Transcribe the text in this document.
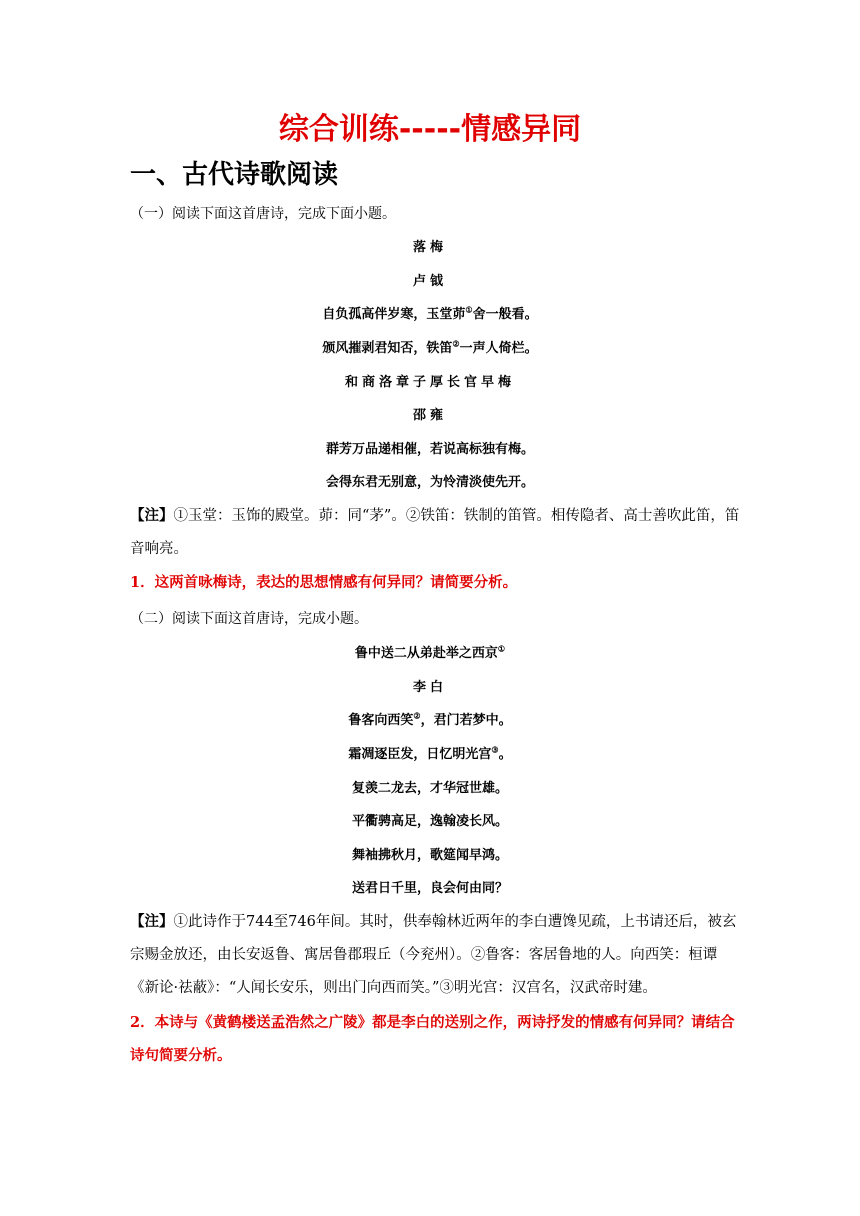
综合训练-----情感异同
一、古代诗歌阅读
（一）阅读下面这首唐诗，完成下面小题。
落梅
卢钺
自负孤高伴岁寒，玉堂茆①舍一般看。
颁风摧剥君知否，铁笛②一声人倚栏。
和商洛章子厚长官早梅
邵雍
群芳万品递相催，若说高标独有梅。
会得东君无别意，为怜清淡使先开。
【注】①玉堂：玉饰的殿堂。茆：同“茅”。②铁笛：铁制的笛管。相传隐者、高士善吹此笛，笛音响亮。
1．这两首咏梅诗，表达的思想情感有何异同？请简要分析。
（二）阅读下面这首唐诗，完成小题。
鲁中送二从弟赴举之西京①
李白
鲁客向西笑②，君门若梦中。
霜凋逐臣发，日忆明光宫③。
复羡二龙去，才华冠世雄。
平衢骋高足，逸翰凌长风。
舞袖拂秋月，歌筵闻早鸿。
送君日千里，良会何由同？
【注】①此诗作于744至746年间。其时，供奉翰林近两年的李白遭馋见疏，上书请还后，被玄宗赐金放还，由长安返鲁、寓居鲁郡瑕丘（今兖州）。②鲁客：客居鲁地的人。向西笑：桓谭《新论·祛蔽》：“人闻长安乐，则出门向西而笑。”③明光宫：汉宫名，汉武帝时建。
2．本诗与《黄鹤楼送孟浩然之广陵》都是李白的送别之作，两诗抒发的情感有何异同？请结合诗句简要分析。
